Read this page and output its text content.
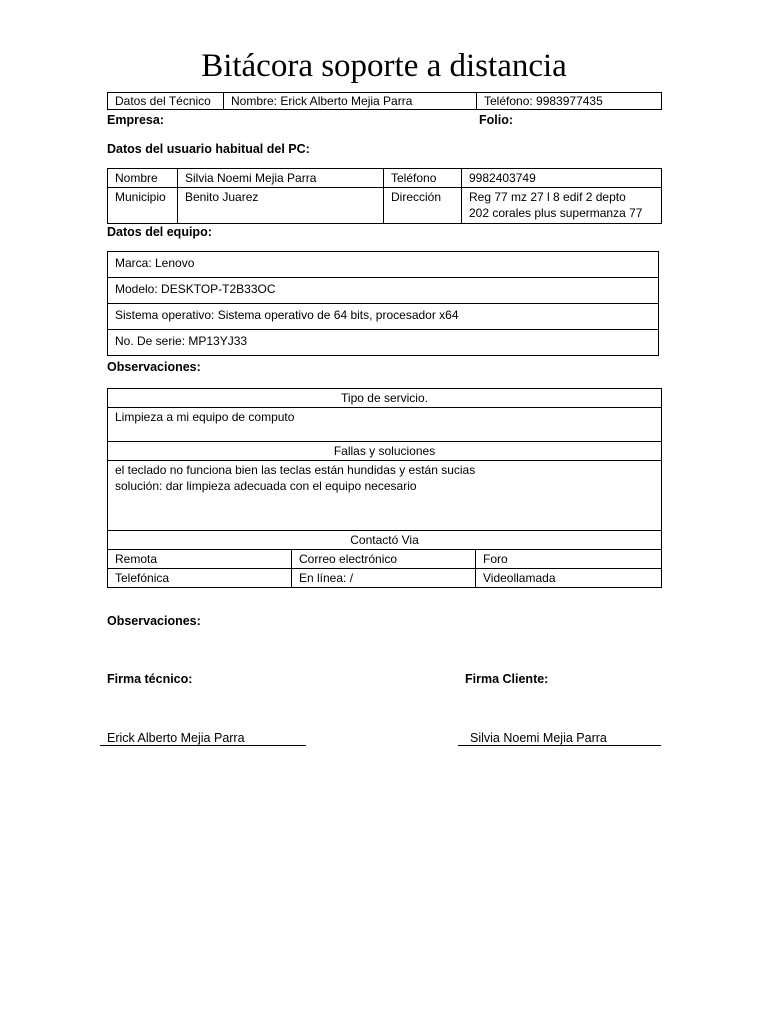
Bitácora soporte a distancia
Datos del Técnico	Nombre: Erick Alberto Mejia Parra	Teléfono: 9983977435
Empresa:	Folio:
Datos del usuario habitual del PC:
Nombre	Silvia Noemi Mejia Parra	Teléfono	9982403749
Municipio	Benito Juarez	Dirección	Reg 77 mz 27 l 8 edif 2 depto
202 corales plus supermanza 77
Datos del equipo:
Marca: Lenovo
Modelo: DESKTOP-T2B33OC
Sistema operativo: Sistema operativo de 64 bits, procesador x64
No. De serie: MP13YJ33
Observaciones:
Tipo de servicio.		
Limpieza a mi equipo de computo		
Fallas y soluciones		

el teclado no funciona bien las teclas están hundidas y están sucias
solución: dar limpieza adecuada con el equipo necesario		

Contactó Via		
Remota	Correo electrónico	Foro
Telefónica	En línea: /	Videollamada
Observaciones:
Firma técnico:	Firma Cliente:
Erick Alberto Mejia Parra	Silvia Noemi Mejia Parra
